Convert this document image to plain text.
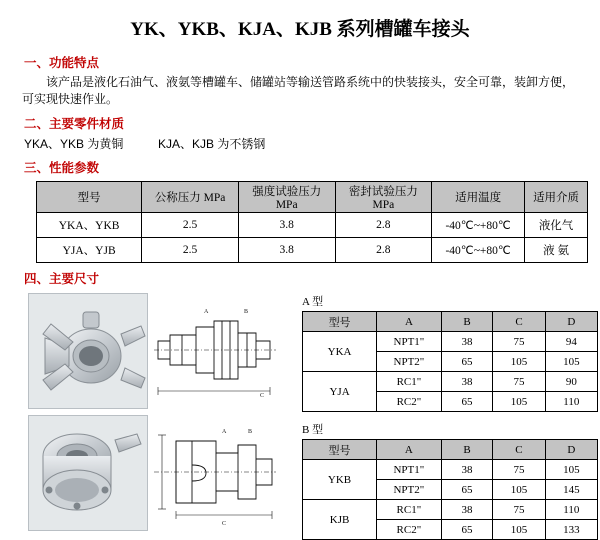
YK、YKB、KJA、KJB 系列槽罐车接头
一、功能特点
该产品是液化石油气、液氨等槽罐车、储罐站等输送管路系统中的快装接头，安全可靠，装卸方便，可实现快速作业。
二、主要零件材质
YKA、YKB 为黄铜	KJA、KJB 为不锈钢
三、性能参数
型号	公称压力 MPa	强度试验压力 MPa	密封试验压力 MPa	适用温度	适用介质
YKA、YKB	2.5	3.8	2.8	-40℃~+80℃	液化气
YJA、YJB	2.5	3.8	2.8	-40℃~+80℃	液 氨
四、主要尺寸
A	B
C
A	B
C
A 型
型号	A	B	C	D
YKA	NPT1"	38	75	94
	NPT2"	65	105	105
YJA	RC1"	38	75	90
	RC2"	65	105	110
B 型
型号	A	B	C	D
YKB	NPT1"	38	75	105
	NPT2"	65	105	145
KJB	RC1"	38	75	110
	RC2"	65	105	133
